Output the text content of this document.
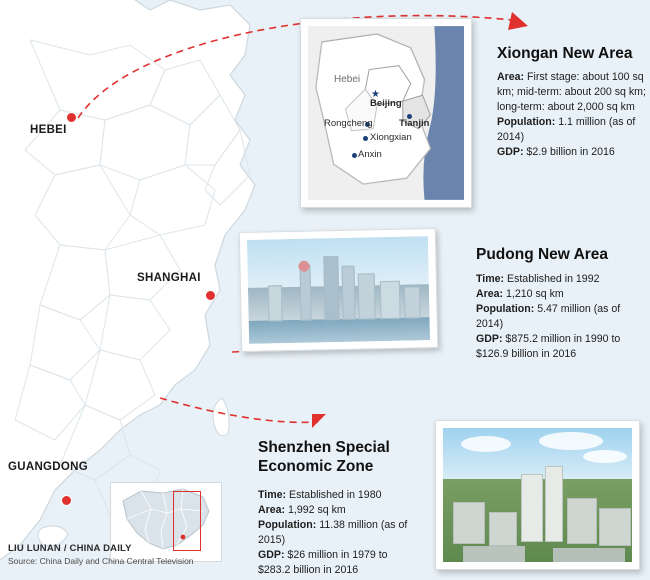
HEBEI
SHANGHAI
GUANGDONG
Hebei
★
Beijing
Tianjin
Rongcheng
Xiongxian
Anxin
Xiongan New Area
Area: First stage: about 100 sq km; mid-term: about 200 sq km; long-term: about 2,000 sq km
Population: 1.1 million (as of 2014)
GDP: $2.9 billion in 2016
Pudong New Area
Time: Established in 1992
Area: 1,210 sq km
Population: 5.47 million (as of 2014)
GDP: $875.2 million in 1990 to $126.9 billion in 2016
Shenzhen Special Economic Zone
Time: Established in 1980
Area: 1,992 sq km
Population: 11.38 million (as of 2015)
GDP: $26 million in 1979 to $283.2 billion in 2016
LIU LUNAN / CHINA DAILY
Source: China Daily and China Central Television
